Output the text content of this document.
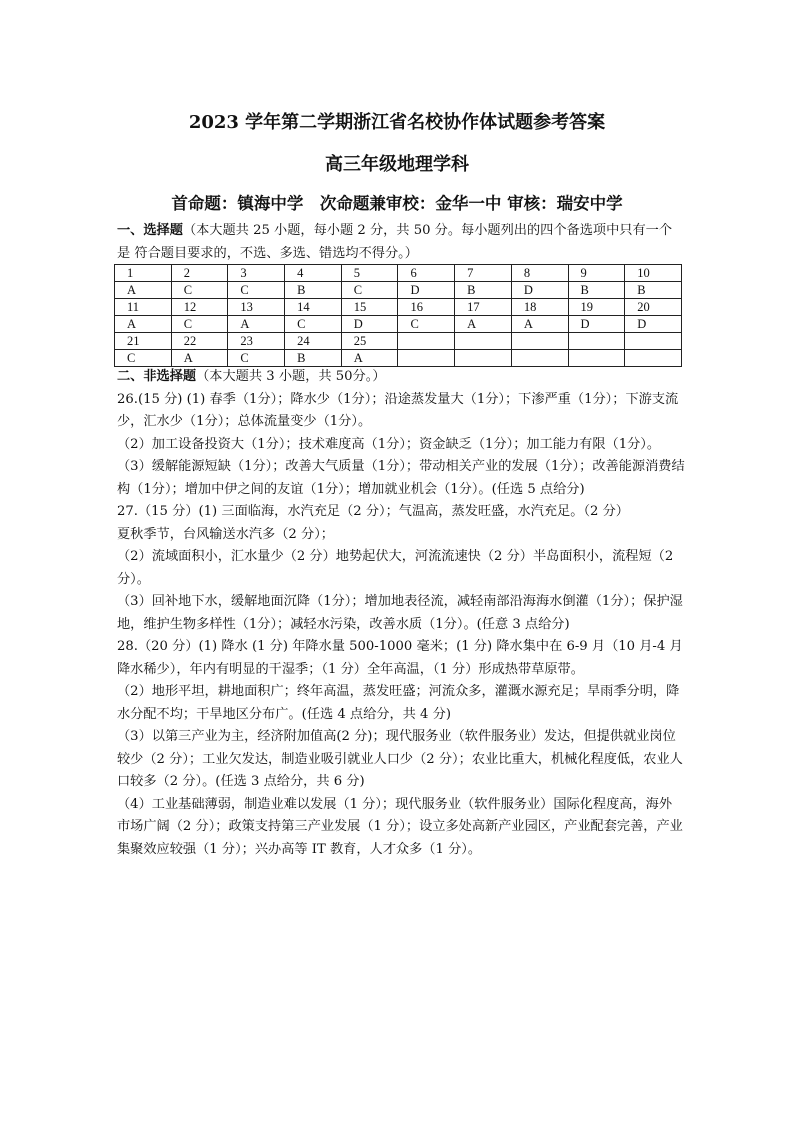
2023 学年第二学期浙江省名校协作体试题参考答案
高三年级地理学科
首命题：镇海中学　次命题兼审校：金华一中 审核：瑞安中学
一、选择题（本大题共 25 小题，每小题 2 分，共 50 分。每小题列出的四个备选项中只有一个是 符合题目要求的，不选、多选、错选均不得分。）
1	2	3	4	5	6	7	8	9	10
A	C	C	B	C	D	B	D	B	B
11	12	13	14	15	16	17	18	19	20
A	C	A	C	D	C	A	A	D	D
21	22	23	24	25					
C	A	C	B	A					
二、非选择题（本大题共 3 小题，共 50分。）

26.(15 分) (1) 春季（1分）；降水少（1分）；沿途蒸发量大（1分）；下渗严重（1分）；下游支流少，汇水少（1分）；总体流量变少（1分）。

（2）加工设备投资大（1分）；技术难度高（1分）；资金缺乏（1分）；加工能力有限（1分）。

（3）缓解能源短缺（1分）；改善大气质量（1分）；带动相关产业的发展（1分）；改善能源消费结构（1分）；增加中伊之间的友谊（1分）；增加就业机会（1分）。(任选 5 点给分)

27.（15 分）(1) 三面临海，水汽充足（2 分）；气温高，蒸发旺盛，水汽充足。（2 分）

夏秋季节，台风输送水汽多（2 分）；

（2）流域面积小，汇水量少（2 分）地势起伏大，河流流速快（2 分）半岛面积小，流程短（2 分）。

（3）回补地下水，缓解地面沉降（1分）；增加地表径流，减轻南部沿海海水倒灌（1分）；保护湿地，维护生物多样性（1分）；减轻水污染，改善水质（1分）。(任意 3 点给分)

28.（20 分）(1) 降水 (1 分) 年降水量 500-1000 毫米；(1 分) 降水集中在 6-9 月（10 月-4 月降水稀少），年内有明显的干湿季；（1 分）全年高温，（1 分）形成热带草原带。

（2）地形平坦，耕地面积广；终年高温，蒸发旺盛；河流众多，灌溉水源充足；旱雨季分明，降水分配不均；干旱地区分布广。(任选 4 点给分，共 4 分)

（3）以第三产业为主，经济附加值高(2 分)；现代服务业（软件服务业）发达，但提供就业岗位较少（2 分）；工业欠发达，制造业吸引就业人口少（2 分）；农业比重大，机械化程度低，农业人口较多（2 分）。(任选 3 点给分，共 6 分)

（4）工业基础薄弱，制造业难以发展（1 分）；现代服务业（软件服务业）国际化程度高，海外市场广阔（2 分）；政策支持第三产业发展（1 分）；设立多处高新产业园区，产业配套完善，产业集聚效应较强（1 分）；兴办高等 IT 教育，人才众多（1 分）。
